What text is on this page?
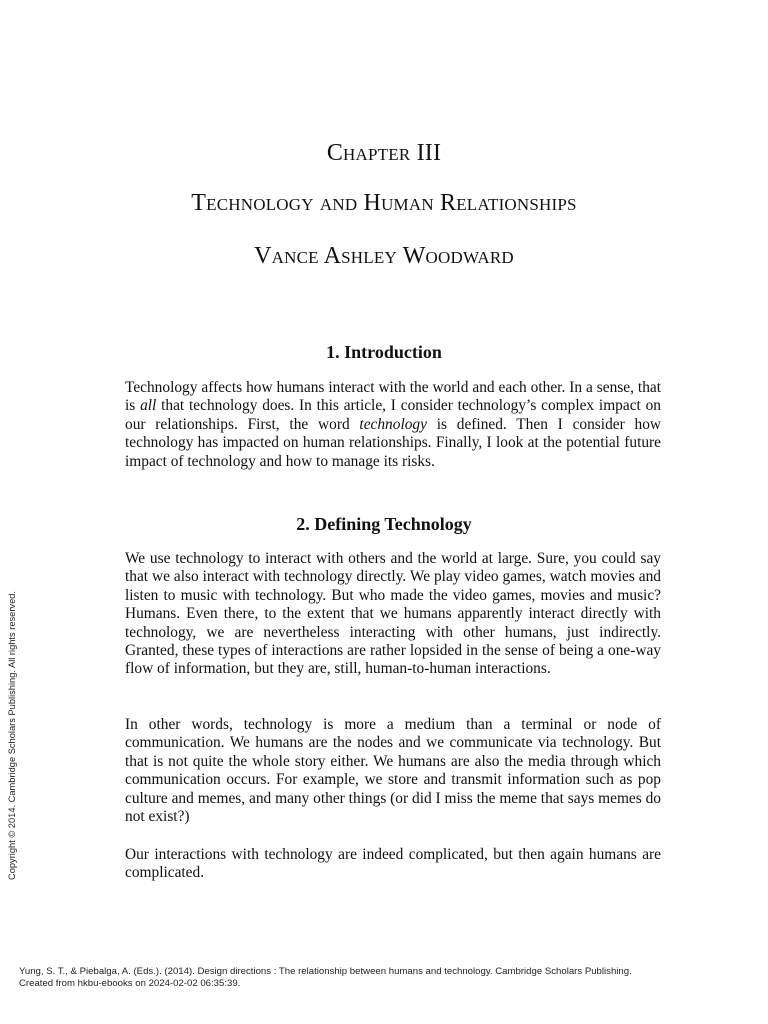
Chapter III
Technology and Human Relationships
Vance Ashley Woodward
1. Introduction

Technology affects how humans interact with the world and each other. In a sense, that is all that technology does. In this article, I consider technology’s complex impact on our relationships. First, the word technology is defined. Then I consider how technology has impacted on human relationships. Finally, I look at the potential future impact of technology and how to manage its risks.

2. Defining Technology

We use technology to interact with others and the world at large. Sure, you could say that we also interact with technology directly. We play video games, watch movies and listen to music with technology. But who made the video games, movies and music? Humans. Even there, to the extent that we humans apparently interact directly with technology, we are nevertheless interacting with other humans, just indirectly. Granted, these types of interactions are rather lopsided in the sense of being a one-way flow of information, but they are, still, human-to-human interactions.

In other words, technology is more a medium than a terminal or node of communication. We humans are the nodes and we communicate via technology. But that is not quite the whole story either. We humans are also the media through which communication occurs. For example, we store and transmit information such as pop culture and memes, and many other things (or did I miss the meme that says memes do not exist?)

Our interactions with technology are indeed complicated, but then again humans are complicated.

Copyright © 2014. Cambridge Scholars Publishing. All rights reserved.
Yung, S. T., & Piebalga, A. (Eds.). (2014). Design directions : The relationship between humans and technology. Cambridge Scholars Publishing.
Created from hkbu-ebooks on 2024-02-02 06:35:39.
